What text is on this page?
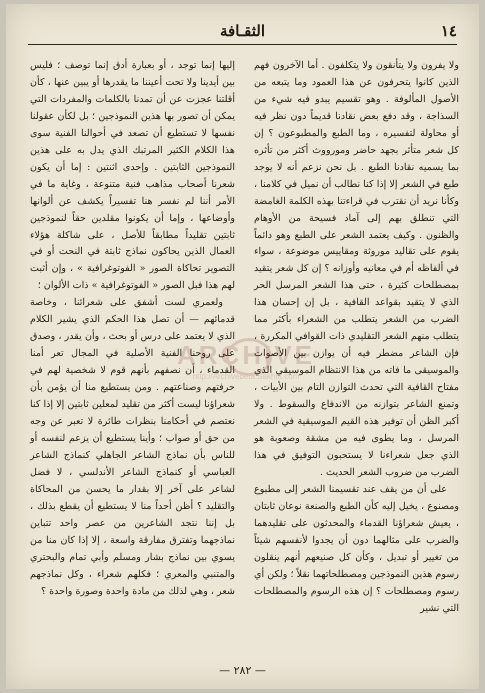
١٤
الثقـافة

ولا يفرون ولا يتأنقون ولا يتكلفون . أما الآخرون فهم الذين كانوا يتحرفون عن هذا العمود وما يتبعه من الأصول المألوفة . وهو تقسيم يبدو فيه شيء من السذاجة ، وقد دفع بعض نقادنا قديماً دون نظر فيه أو محاولة لتفسيره ، وما الطبع والمطبوعون ؟ إن كل شعر متأثر بجهد حاضر ومورووث أكثر من تأثره بما يسميه نقادنا الطبع . بل نحن نزعم أنه لا يوجد طبع في الشعر إلا إذا كنا نطالب أن نميل في كلامنا ، وكأنا نريد أن نقترب في قراءتنا بهذه الكلمة الغامضة التي تنطلق بهم إلى آماد فسيحة من الأوهام والظنون . وكيف يعتمد الشعر على الطبع وهو دائماً يقوم على تقاليد موروثة ومقاييس موضوعة ، سواء في ألفاظه أم في معانيه وأوزانه ؟ إن كل شعر يتقيد بمصطلحات كثيرة ، حتى هذا الشعر المرسل الحر الذي لا يتقيد بقواعد القافية ، بل إن إحسان هذا الضرب من الشعر يتطلب من الشعراء بأكثر مما يتطلب منهم الشعر التقليدي ذات القوافي المكررة ، فإن الشاعر مضطر فيه أن يوازن بين الأصوات والموسيقى ما فاته من هذا الانتظام الموسيقي الذي مفتاح القافية التي تحدث التوازن التام بين الأبيات ، وتمنع الشاعر بتوازنه من الاندفاع والسقوط . ولا أكبر الظن أن توفير هذه القيم الموسيقية في الشعر المرسل ، وما يطوى فيه من مشقة وصعوبة هو الذي جعل شعراءنا لا يستحبون التوفيق في هذا الضرب من ضروب الشعر الحديث .

على أن من يقف عند تقسيمنا الشعر إلى مطبوع ومصنوع ، يخيل إليه كأن الطبع والصنعة نوعان ثابتان ، يعيش شعراؤنا القدماء والمحدثون على تقليدهما والضرب على مثالهما دون أن يجدوا لأنفسهم شيئاً من تغيير أو تبديل ، وكأن كل صنيعهم أنهم ينقلون رسوم هذين النموذجين ومصطلحاتهما نقلاً ؛ ولكن أي رسوم ومصطلحات ؟ إن هذه الرسوم والمصطلحات التي نشير

إليها إنما توجد ، أو بعبارة أدق إنما توصف ؛ فليس بين أيدينا ولا تحت أعيننا ما يقدرها أو يبين عنها ، كأن أقلتنا عجزت عن أن تمدنا بالكلمات والمفردات التي يمكن أن تصور بها هذين النموذجين ؛ بل لكأن عقولنا نفسها لا تستطيع أن تصعد في أحوالنا الفنية سوى هذا الكلام الكثير المرتبك الذي يدل به على هذين النموذجين الثابتين . وإحدى اثنتين : إما أن يكون شعرنا أصحاب مذاهب فنية متنوعة ، وغاية ما في الأمر أننا لم نفسر هنا تفسيراً يكشف عن ألوانها وأوضاعها ، وإما أن يكونوا مقلدين حقاً لنموذجين ثابتين تقليداً مطابقاً للأصل ، على شاكلة هؤلاء العمال الذين يحاكون نماذج ثابتة في النحت أو في التصوير تحاكاة الصور « الفوتوغرافية » ، وإن أثبت لهم هذا فبل الصور « الفوتوغرافية » ذات الألوان ؛

ولعمري لست أشفق على شعرائنا ، وخاصة قدمائهم — أن تصل هذا الحكم الذي يشير الكلام الذي لا يعتمد على درس أو بحث ، وأن يقدر ، وصدق على روحنا الفنية الأصلية في المجال تعر أمنا القدماء ، أن نصفهم بأنهم قوم لا شخصية لهم في حرفتهم وصناعتهم . ومن يستطيع منا أن يؤمن بأن شعراؤنا ليست أكثر من تقليد لمعلين ثابتين إلا إذا كنا نعتصم في أحكامنا بنظرات طائرة لا تعبر عن وجه من حق أو صواب ؛ وأينا يستطيع أن يزعم لنفسه أو للناس بأن نماذج الشاعر الجاهلي كنماذج الشاعر العباسي أو كنماذج الشاعر الأندلسي ، لا فضل لشاعر على آخر إلا بقدار ما يحسن من المحاكاة والتقليد ؟ أظن أحداً منا لا يستطيع أن يقطع بذلك ، بل إننا نتجد الشاعرين من عصر واحد تتباين نماذجهما وتفترق مفارقة واسعة ، إلا إذا كان منا من يسوي بين نماذج بشار ومسلم وأبي تمام والبحتري والمتنبي والمعري ؛ فكلهم شعراء ، وكل نماذجهم شعر ، وهي لذلك من مادة واحدة وصورة واحدة ؟

ARCHIVE
http://Archivebeta.Sakhrit.com
— ٢٨٢ —
